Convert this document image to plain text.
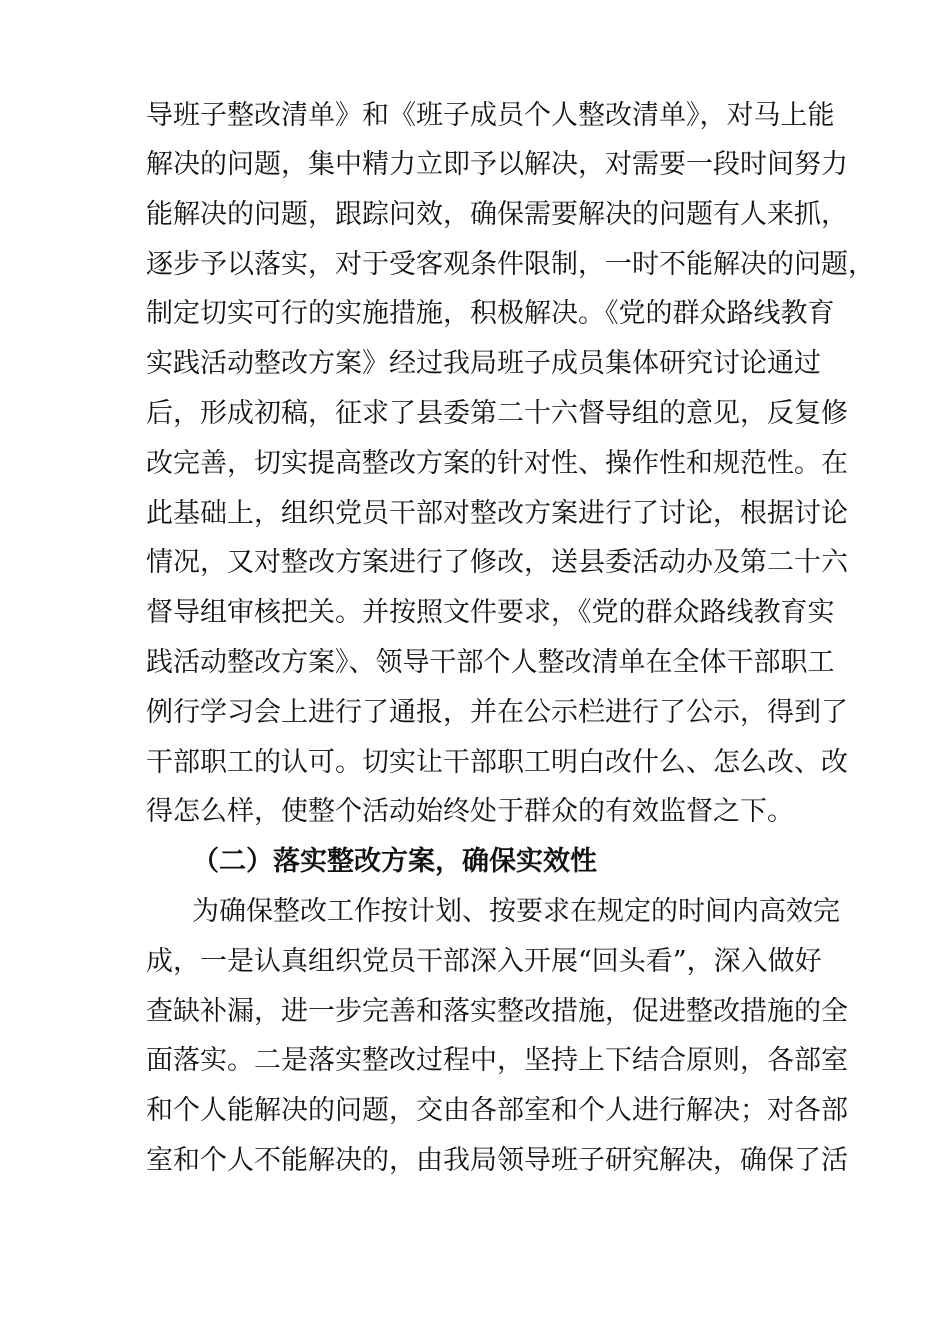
导班子整改清单》和《班子成员个人整改清单》，对马上能
解决的问题，集中精力立即予以解决，对需要一段时间努力
能解决的问题，跟踪问效，确保需要解决的问题有人来抓，
逐步予以落实，对于受客观条件限制，一时不能解决的问题，
制定切实可行的实施措施，积极解决。《党的群众路线教育
实践活动整改方案》经过我局班子成员集体研究讨论通过
后，形成初稿，征求了县委第二十六督导组的意见，反复修
改完善，切实提高整改方案的针对性、操作性和规范性。在
此基础上，组织党员干部对整改方案进行了讨论，根据讨论
情况，又对整改方案进行了修改，送县委活动办及第二十六
督导组审核把关。并按照文件要求，《党的群众路线教育实
践活动整改方案》、领导干部个人整改清单在全体干部职工
例行学习会上进行了通报，并在公示栏进行了公示，得到了
干部职工的认可。切实让干部职工明白改什么、怎么改、改
得怎么样，使整个活动始终处于群众的有效监督之下。
（二）落实整改方案，确保实效性
为确保整改工作按计划、按要求在规定的时间内高效完
成，一是认真组织党员干部深入开展“回头看”，深入做好
查缺补漏，进一步完善和落实整改措施，促进整改措施的全
面落实。二是落实整改过程中，坚持上下结合原则，各部室
和个人能解决的问题，交由各部室和个人进行解决；对各部
室和个人不能解决的，由我局领导班子研究解决，确保了活
